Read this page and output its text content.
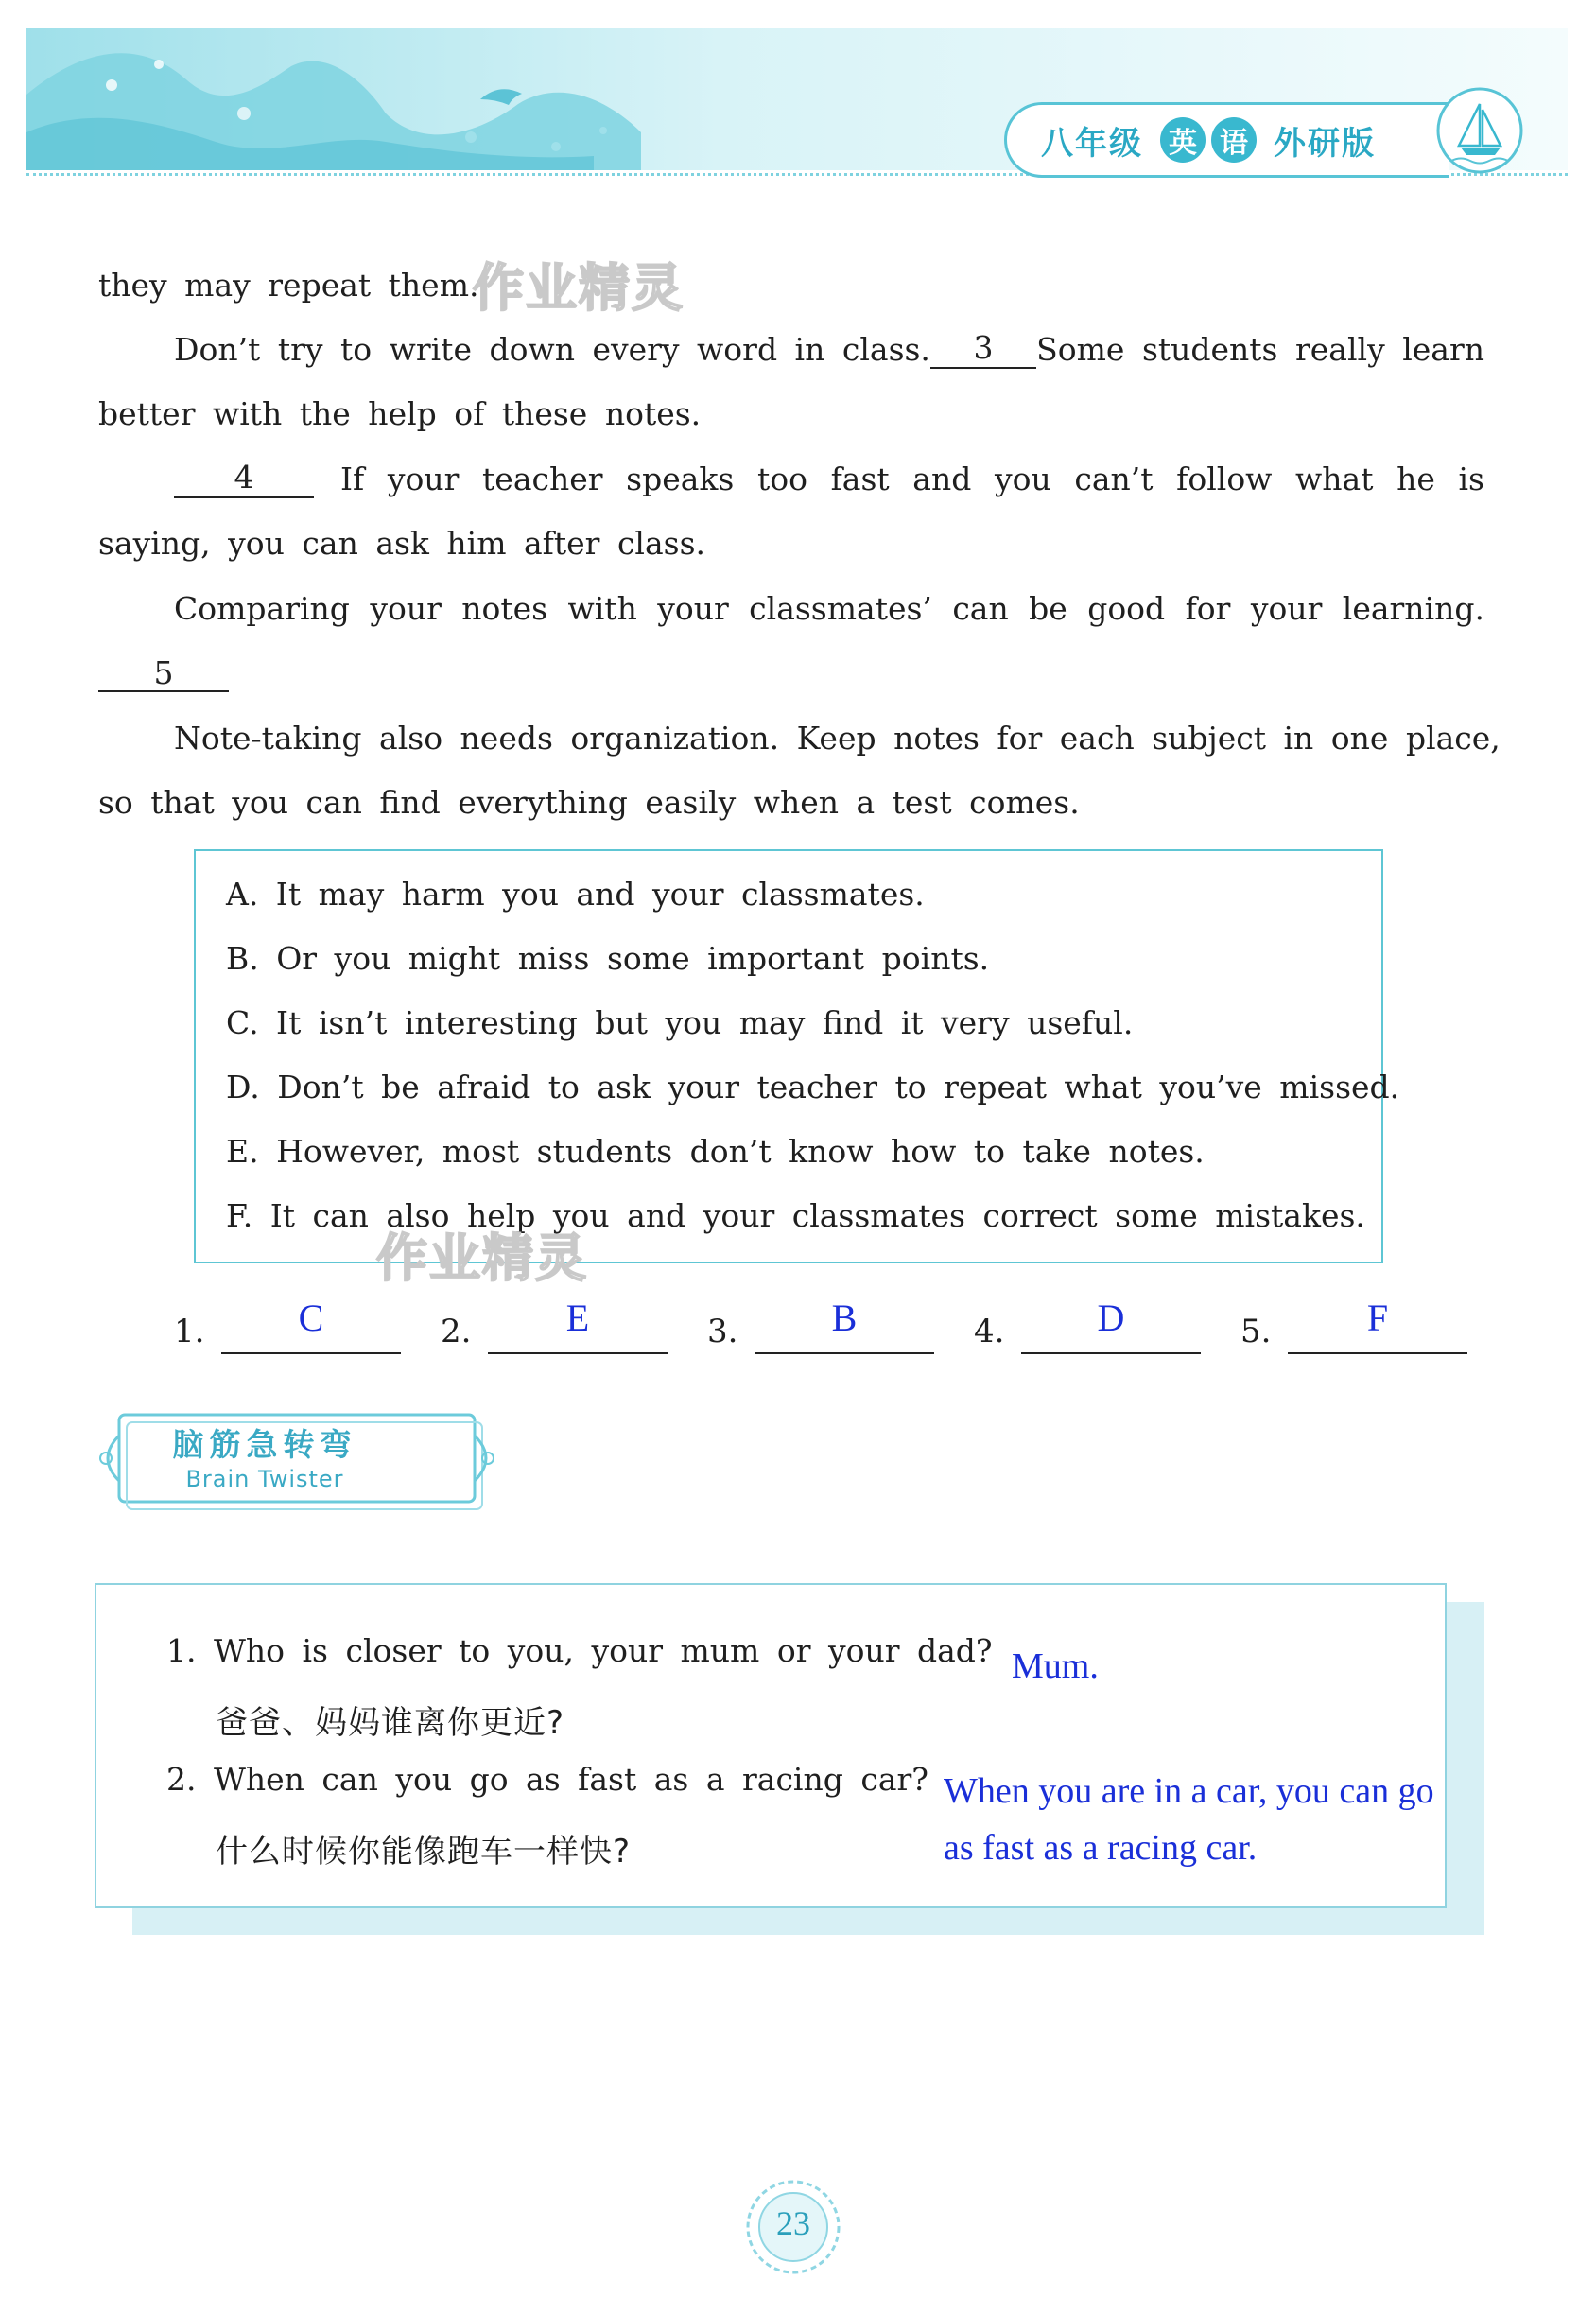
八年级 英 语 外研版
they may repeat them.
作业精灵
Don’t try to write down every word in class.	3	Some students really learn
better with the help of these notes.
4	If your teacher speaks too fast and you can’t follow what he is
saying, you can ask him after class.
Comparing your notes with your classmates’ can be good for your learning.
5
Note-taking also needs organization. Keep notes for each subject in one place,
so that you can find everything easily when a test comes.
A. It may harm you and your classmates.
B. Or you might miss some important points.
C. It isn’t interesting but you may find it very useful.
D. Don’t be afraid to ask your teacher to repeat what you’ve missed.
E. However, most students don’t know how to take notes.
F. It can also help you and your classmates correct some mistakes.
作业精灵
1.	C	2.	E	3.	B	4.	D	5.	F
脑筋急转弯
Brain Twister
1. Who is closer to you, your mum or your dad?
爸爸、妈妈谁离你更近?
Mum.
2. When can you go as fast as a racing car?
什么时候你能像跑车一样快?
When you are in a car, you can go
as fast as a racing car.
23
